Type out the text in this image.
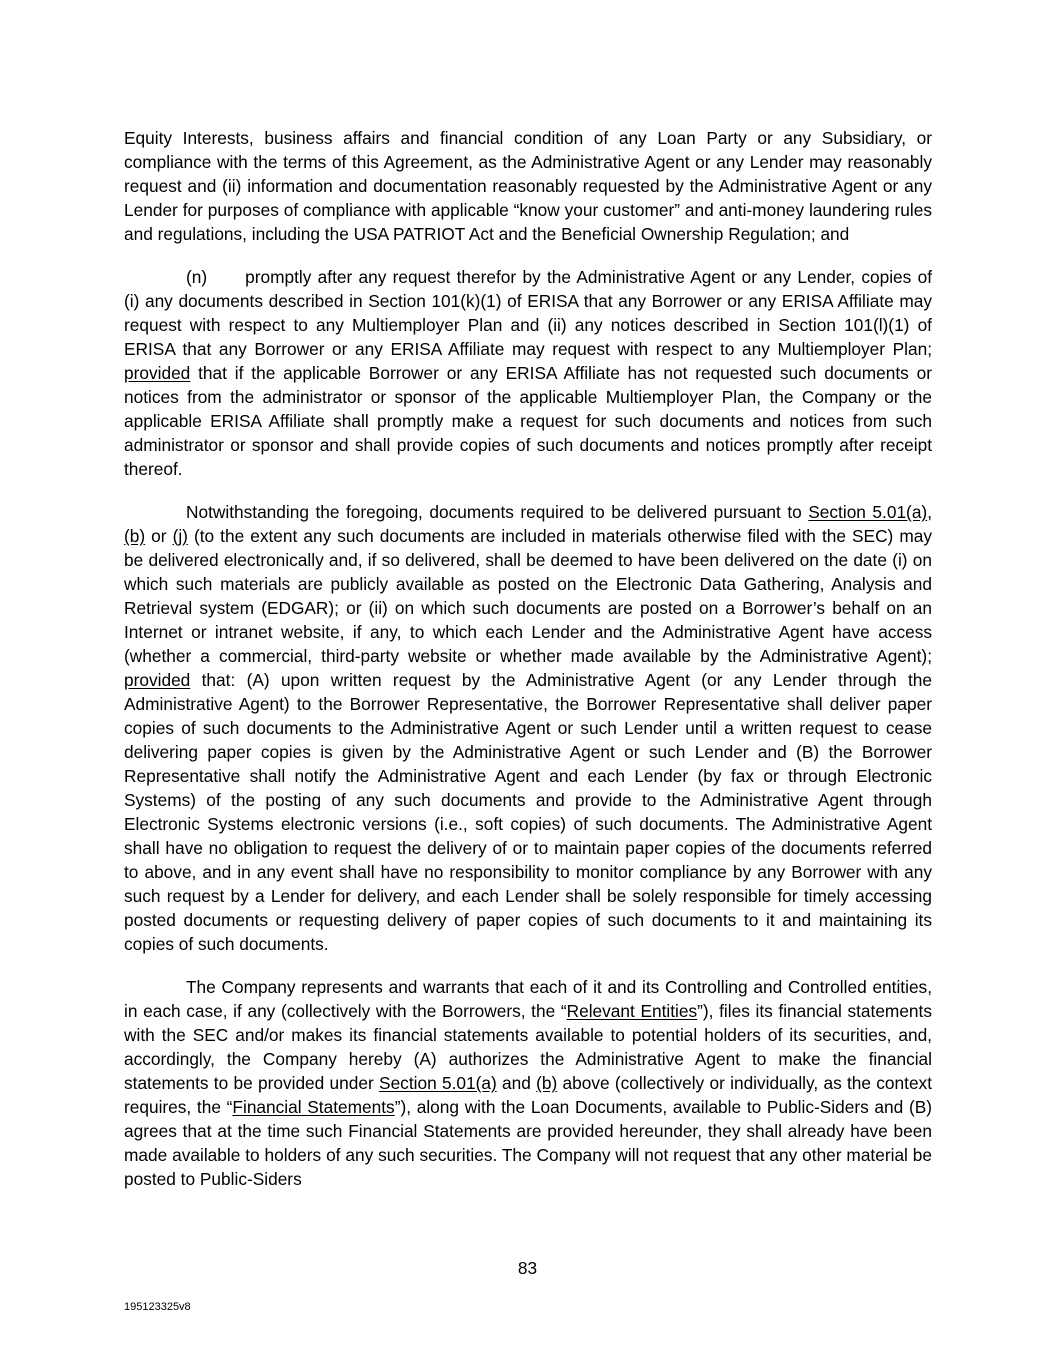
Equity Interests, business affairs and financial condition of any Loan Party or any Subsidiary, or compliance with the terms of this Agreement, as the Administrative Agent or any Lender may reasonably request and (ii) information and documentation reasonably requested by the Administrative Agent or any Lender for purposes of compliance with applicable “know your customer” and anti-money laundering rules and regulations, including the USA PATRIOT Act and the Beneficial Ownership Regulation; and

(n) promptly after any request therefor by the Administrative Agent or any Lender, copies of (i) any documents described in Section 101(k)(1) of ERISA that any Borrower or any ERISA Affiliate may request with respect to any Multiemployer Plan and (ii) any notices described in Section 101(l)(1) of ERISA that any Borrower or any ERISA Affiliate may request with respect to any Multiemployer Plan; provided that if the applicable Borrower or any ERISA Affiliate has not requested such documents or notices from the administrator or sponsor of the applicable Multiemployer Plan, the Company or the applicable ERISA Affiliate shall promptly make a request for such documents and notices from such administrator or sponsor and shall provide copies of such documents and notices promptly after receipt thereof.

Notwithstanding the foregoing, documents required to be delivered pursuant to Section 5.01(a), (b) or (j) (to the extent any such documents are included in materials otherwise filed with the SEC) may be delivered electronically and, if so delivered, shall be deemed to have been delivered on the date (i) on which such materials are publicly available as posted on the Electronic Data Gathering, Analysis and Retrieval system (EDGAR); or (ii) on which such documents are posted on a Borrower’s behalf on an Internet or intranet website, if any, to which each Lender and the Administrative Agent have access (whether a commercial, third-party website or whether made available by the Administrative Agent); provided that: (A) upon written request by the Administrative Agent (or any Lender through the Administrative Agent) to the Borrower Representative, the Borrower Representative shall deliver paper copies of such documents to the Administrative Agent or such Lender until a written request to cease delivering paper copies is given by the Administrative Agent or such Lender and (B) the Borrower Representative shall notify the Administrative Agent and each Lender (by fax or through Electronic Systems) of the posting of any such documents and provide to the Administrative Agent through Electronic Systems electronic versions (i.e., soft copies) of such documents. The Administrative Agent shall have no obligation to request the delivery of or to maintain paper copies of the documents referred to above, and in any event shall have no responsibility to monitor compliance by any Borrower with any such request by a Lender for delivery, and each Lender shall be solely responsible for timely accessing posted documents or requesting delivery of paper copies of such documents to it and maintaining its copies of such documents.

The Company represents and warrants that each of it and its Controlling and Controlled entities, in each case, if any (collectively with the Borrowers, the “Relevant Entities”), files its financial statements with the SEC and/or makes its financial statements available to potential holders of its securities, and, accordingly, the Company hereby (A) authorizes the Administrative Agent to make the financial statements to be provided under Section 5.01(a) and (b) above (collectively or individually, as the context requires, the “Financial Statements”), along with the Loan Documents, available to Public-Siders and (B) agrees that at the time such Financial Statements are provided hereunder, they shall already have been made available to holders of any such securities. The Company will not request that any other material be posted to Public-Siders

83
195123325v8
